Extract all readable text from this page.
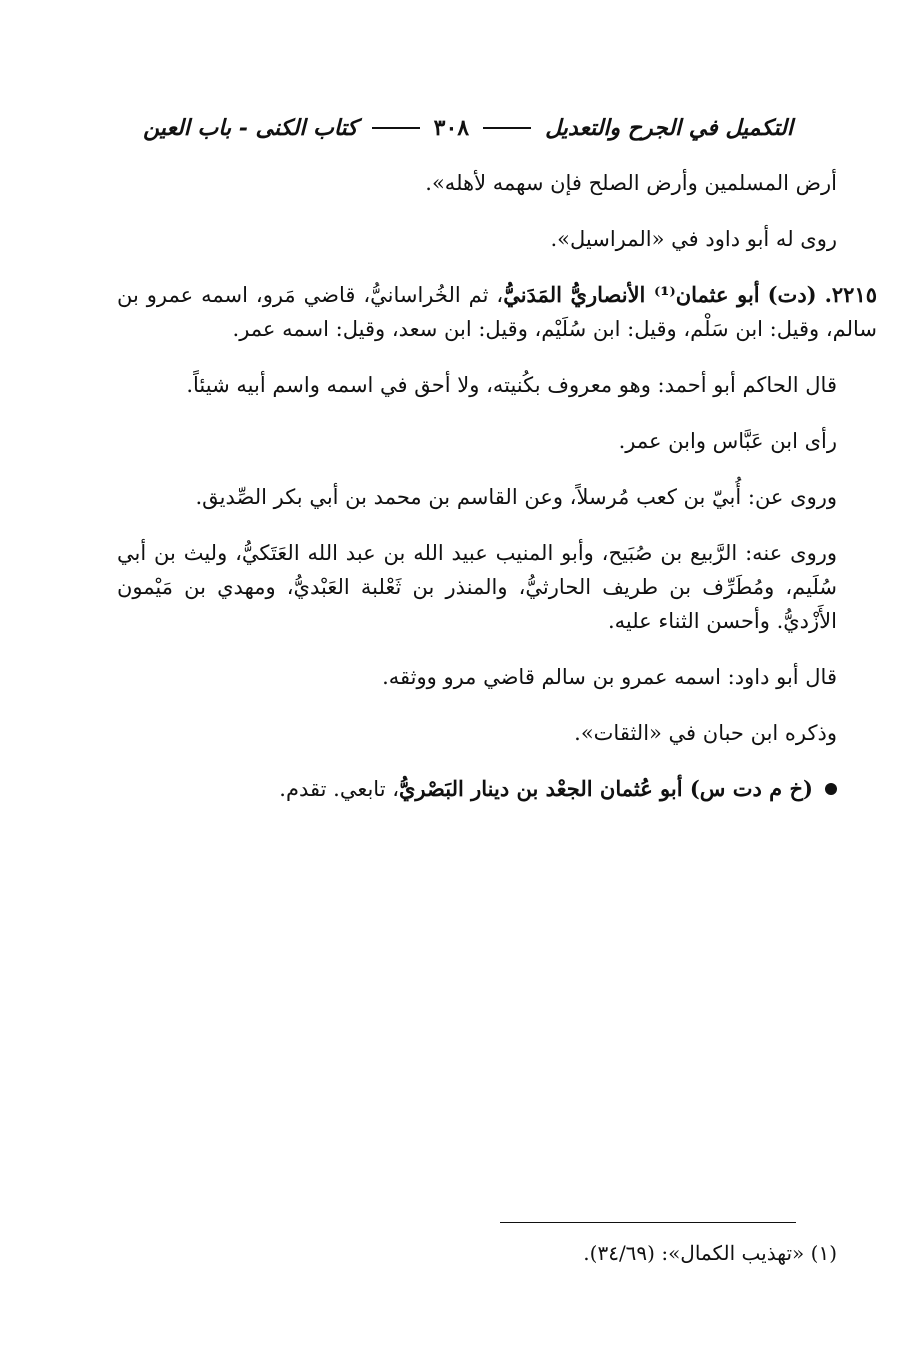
التكميل في الجرح والتعديل
٣٠٨
كتاب الكنى - باب العين

أرض المسلمين وأرض الصلح فإن سهمه لأهله».

روى له أبو داود في «المراسيل».

٢٢١٥. (دت) أبو عثمان⁽¹⁾ الأنصاريُّ المَدَنيُّ، ثم الخُراسانيُّ، قاضي مَرو، اسمه عمرو بن سالم، وقيل: ابن سَلْم، وقيل: ابن سُلَيْم، وقيل: ابن سعد، وقيل: اسمه عمر.

قال الحاكم أبو أحمد: وهو معروف بكُنيته، ولا أحق في اسمه واسم أبيه شيئاً.

رأى ابن عَبَّاس وابن عمر.

وروى عن: أُبيّ بن كعب مُرسلاً، وعن القاسم بن محمد بن أبي بكر الصِّديق.

وروى عنه: الرَّبيع بن صُبَيح، وأبو المنيب عبيد الله بن عبد الله العَتَكيُّ، وليث بن أبي سُلَيم، ومُطَرِّف بن طريف الحارثيُّ، والمنذر بن ثَعْلبة العَبْديُّ، ومهدي بن مَيْمون الأَزْديُّ. وأحسن الثناء عليه.

قال أبو داود: اسمه عمرو بن سالم قاضي مرو ووثقه.

وذكره ابن حبان في «الثقات».

(خ م دت س) أبو عُثمان الجعْد بن دينار البَصْريُّ، تابعي. تقدم.

(١) «تهذيب الكمال»: (٣٤/٦٩).
